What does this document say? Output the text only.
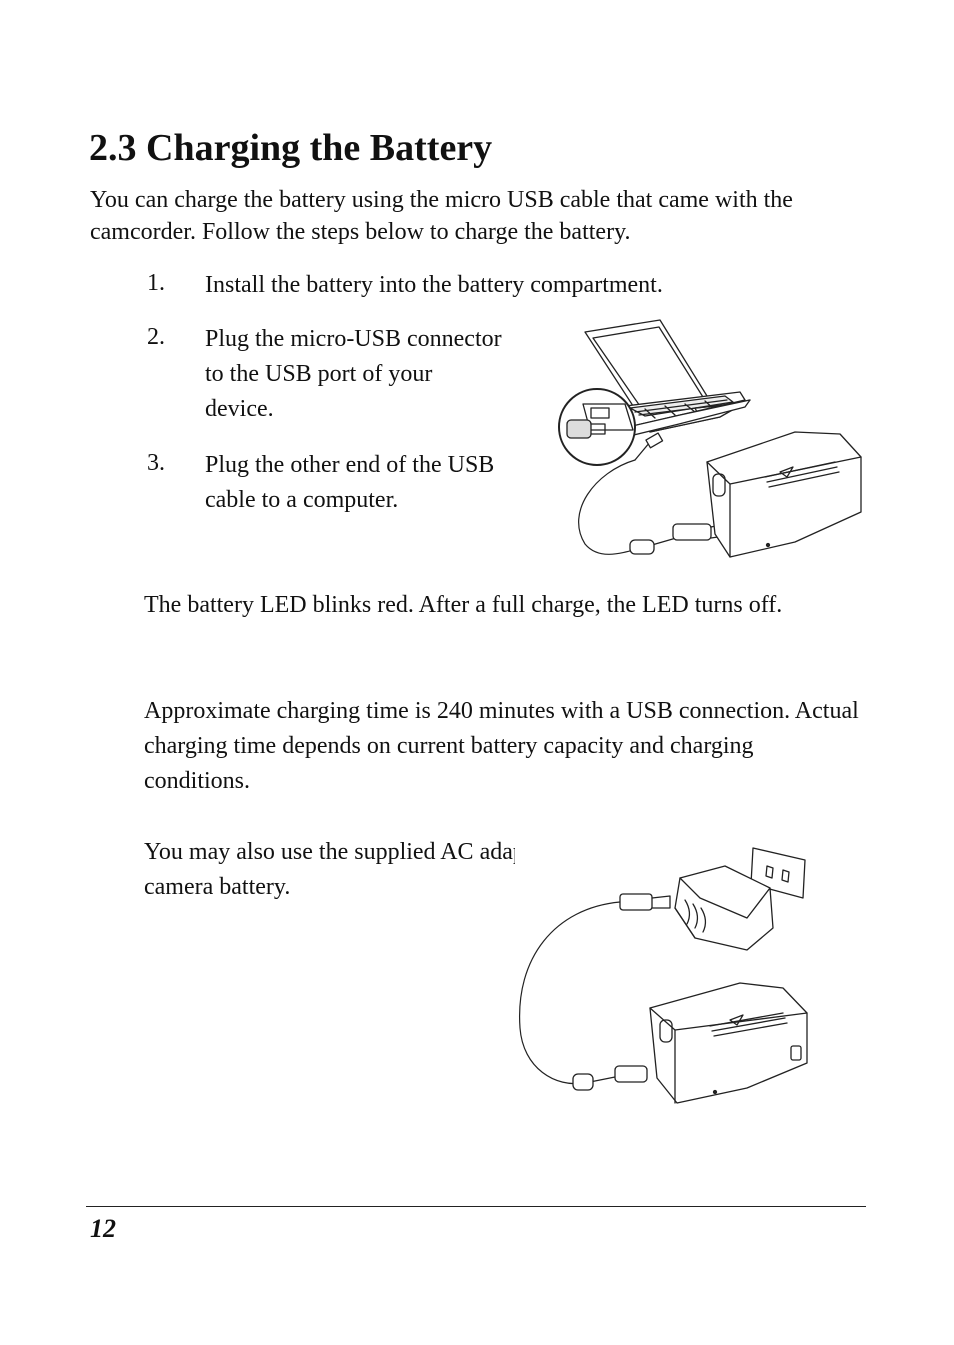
2.3 Charging the Battery

You can charge the battery using the micro USB cable that came with the camcorder. Follow the steps below to charge the battery.

1. Install the battery into the battery compartment.
2. Plug the micro-USB connector to the USB port of your device.
3. Plug the other end of the USB cable to a computer.

The battery LED blinks red. After a full charge, the LED turns off.

Approximate charging time is 240 minutes with a USB connection. Actual charging time depends on current battery capacity and charging conditions.

You may also use the supplied AC adapter to charge camera battery.

12
